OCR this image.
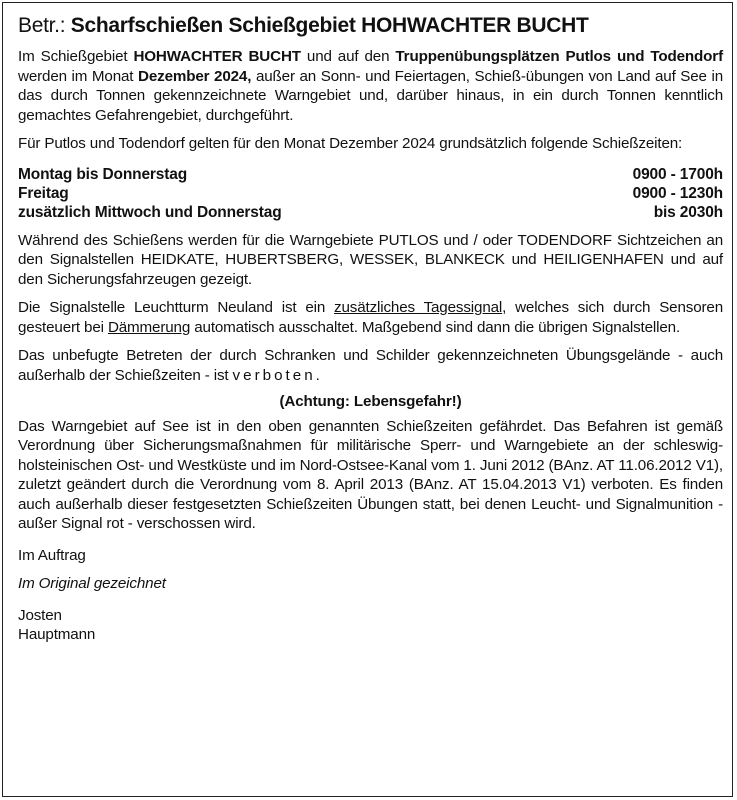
Betr.: Scharfschießen Schießgebiet HOHWACHTER BUCHT

Im Schießgebiet HOHWACHTER BUCHT und auf den Truppenübungsplätzen Putlos und Todendorf werden im Monat Dezember 2024, außer an Sonn- und Feiertagen, Schieß-übungen von Land auf See in das durch Tonnen gekennzeichnete Warngebiet und, darüber hinaus, in ein durch Tonnen kenntlich gemachtes Gefahrengebiet, durchgeführt.

Für Putlos und Todendorf gelten für den Monat Dezember 2024 grundsätzlich folgende Schießzeiten:

Montag bis Donnerstag	0900 - 1700h
Freitag	0900 - 1230h
zusätzlich Mittwoch und Donnerstag	bis 2030h

Während des Schießens werden für die Warngebiete PUTLOS und / oder TODENDORF Sichtzeichen an den Signalstellen HEIDKATE, HUBERTSBERG, WESSEK, BLANKECK und HEILIGENHAFEN und auf den Sicherungsfahrzeugen gezeigt.

Die Signalstelle Leuchtturm Neuland ist ein zusätzliches Tagessignal, welches sich durch Sensoren gesteuert bei Dämmerung automatisch ausschaltet. Maßgebend sind dann die übrigen Signalstellen.

Das unbefugte Betreten der durch Schranken und Schilder gekennzeichneten Übungsgelände - auch außerhalb der Schießzeiten - ist verboten.

(Achtung: Lebensgefahr!)

Das Warngebiet auf See ist in den oben genannten Schießzeiten gefährdet. Das Befahren ist gemäß Verordnung über Sicherungsmaßnahmen für militärische Sperr- und Warngebiete an der schleswig-holsteinischen Ost- und Westküste und im Nord-Ostsee-Kanal vom 1. Juni 2012 (BAnz. AT 11.06.2012 V1), zuletzt geändert durch die Verordnung vom 8. April 2013 (BAnz. AT 15.04.2013 V1) verboten. Es finden auch außerhalb dieser festgesetzten Schießzeiten Übungen statt, bei denen Leucht- und Signalmunition - außer Signal rot - verschossen wird.

Im Auftrag

Im Original gezeichnet

Josten

Hauptmann
